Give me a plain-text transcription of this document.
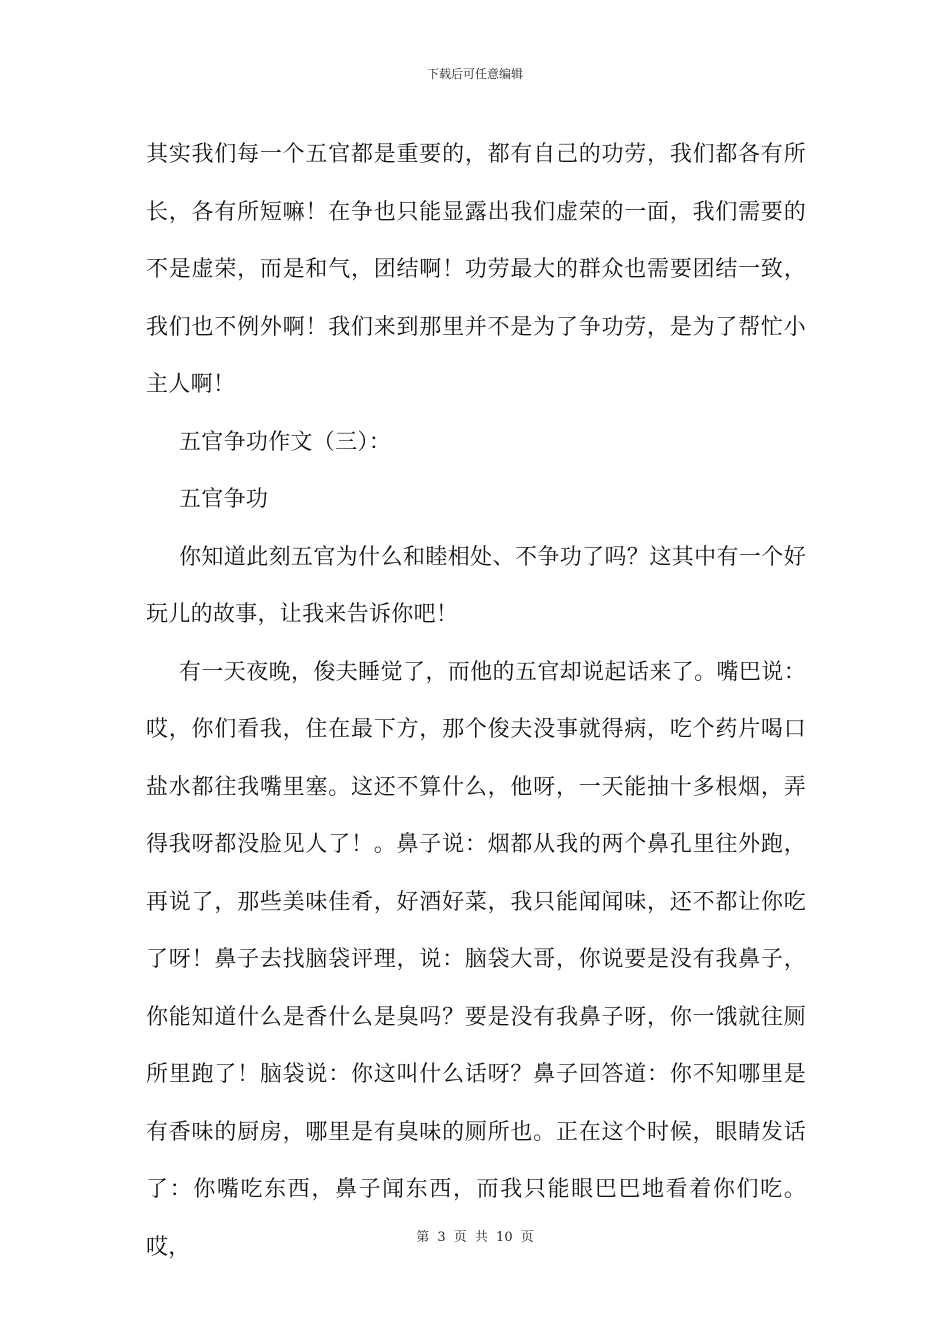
下载后可任意编辑

其实我们每一个五官都是重要的，都有自己的功劳，我们都各有所长，各有所短嘛！在争也只能显露出我们虚荣的一面，我们需要的不是虚荣，而是和气，团结啊！功劳最大的群众也需要团结一致，我们也不例外啊！我们来到那里并不是为了争功劳，是为了帮忙小主人啊！

五官争功作文（三）：

五官争功

你知道此刻五官为什么和睦相处、不争功了吗？这其中有一个好玩儿的故事，让我来告诉你吧！

有一天夜晚，俊夫睡觉了，而他的五官却说起话来了。嘴巴说：哎，你们看我，住在最下方，那个俊夫没事就得病，吃个药片喝口盐水都往我嘴里塞。这还不算什么，他呀，一天能抽十多根烟，弄得我呀都没脸见人了！。鼻子说：烟都从我的两个鼻孔里往外跑，再说了，那些美味佳肴，好酒好菜，我只能闻闻味，还不都让你吃了呀！鼻子去找脑袋评理，说：脑袋大哥，你说要是没有我鼻子，你能知道什么是香什么是臭吗？要是没有我鼻子呀，你一饿就往厕所里跑了！脑袋说：你这叫什么话呀？鼻子回答道：你不知哪里是有香味的厨房，哪里是有臭味的厕所也。正在这个时候，眼睛发话了：你嘴吃东西，鼻子闻东西，而我只能眼巴巴地看着你们吃。哎，	第 3 页 共 10 页
